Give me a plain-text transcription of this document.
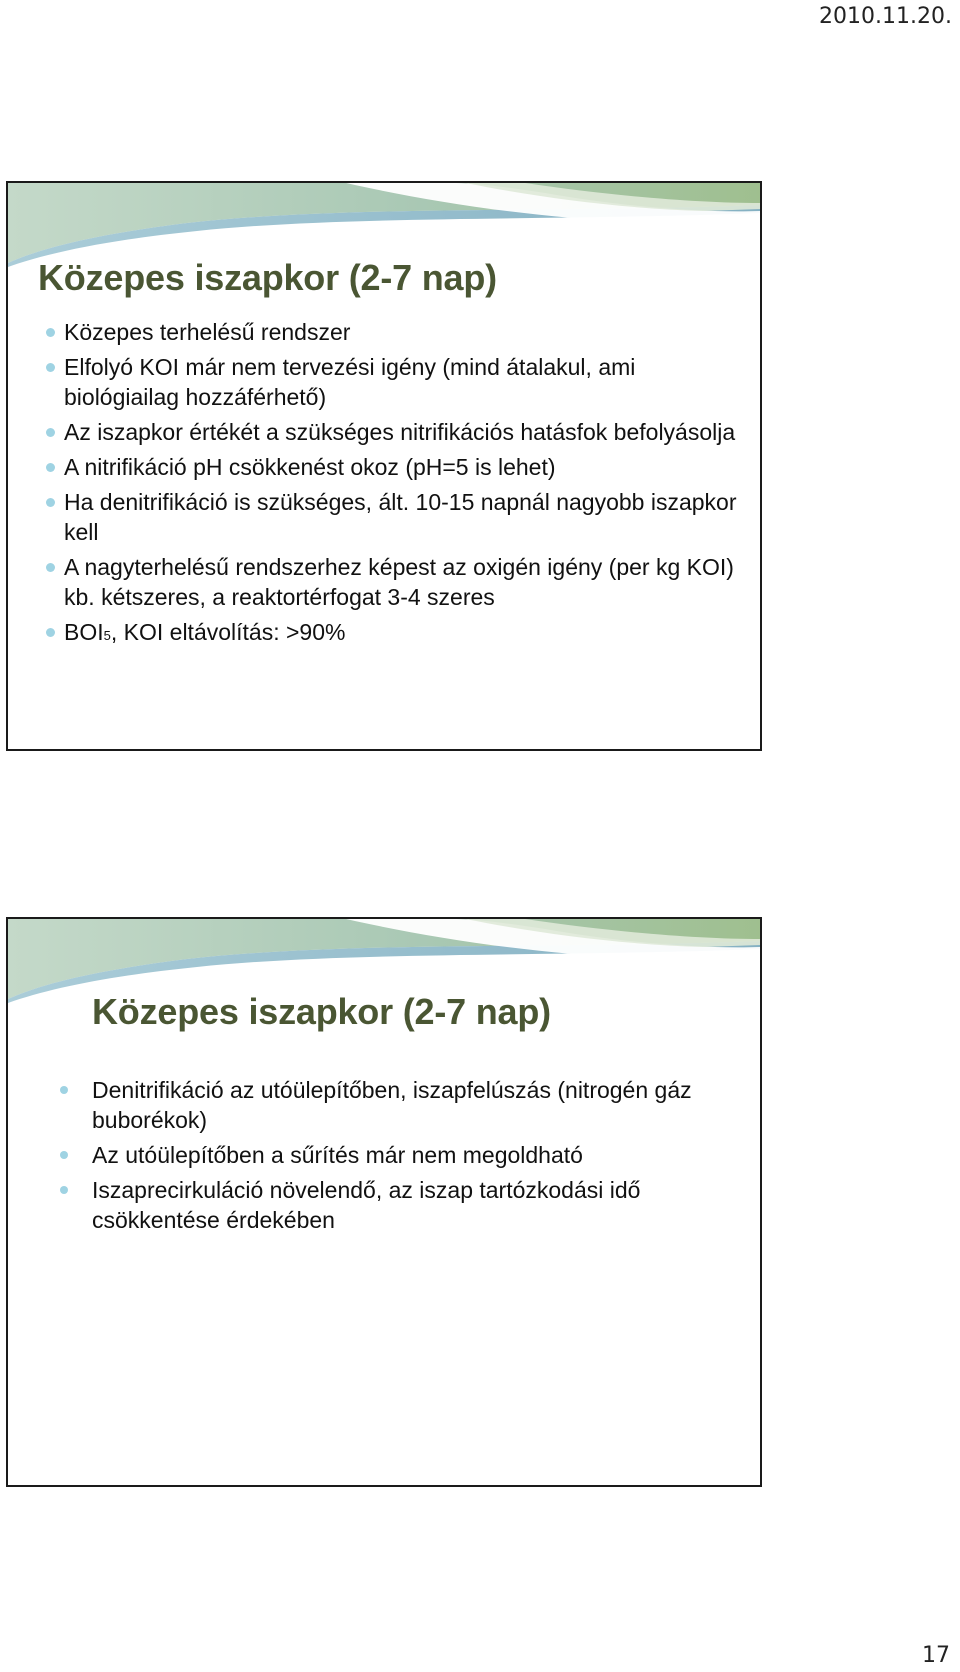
2010.11.20.
Közepes iszapkor (2-7 nap)
Közepes terhelésű rendszer
Elfolyó KOI már nem tervezési igény (mind átalakul, ami biológiailag hozzáférhető)
Az iszapkor értékét a szükséges nitrifikációs hatásfok befolyásolja
A nitrifikáció pH csökkenést okoz (pH=5 is lehet)
Ha denitrifikáció is szükséges, ált. 10-15 napnál nagyobb iszapkor kell
A nagyterhelésű rendszerhez képest az oxigén igény (per kg KOI) kb. kétszeres, a reaktortérfogat 3-4 szeres
BOI5, KOI eltávolítás: >90%
Közepes iszapkor (2-7 nap)
Denitrifikáció az utóülepítőben, iszapfelúszás (nitrogén gáz buborékok)
Az utóülepítőben a sűrítés már nem megoldható
Iszaprecirkuláció növelendő, az iszap tartózkodási idő csökkentése érdekében
17
